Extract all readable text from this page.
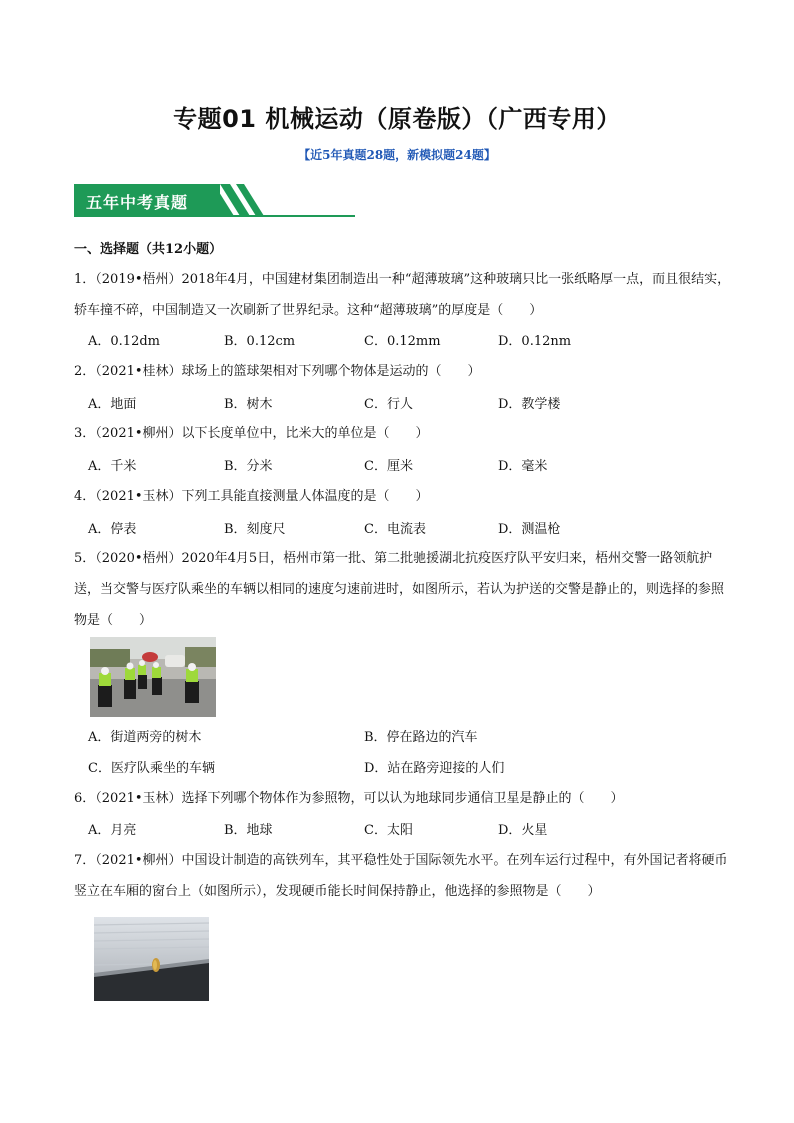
专题01 机械运动（原卷版）（广西专用）
【近5年真题28题，新模拟题24题】
五年中考真题
一、选择题（共12小题）
1．（2019•梧州）2018年4月，中国建材集团制造出一种“超薄玻璃”这种玻璃只比一张纸略厚一点，而且很结实，轿车撞不碎，中国制造又一次刷新了世界纪录。这种“超薄玻璃”的厚度是（　　）
A．0.12dm	B．0.12cm	C．0.12mm	D．0.12nm
2．（2021•桂林）球场上的篮球架相对下列哪个物体是运动的（　　）
A．地面	B．树木	C．行人	D．教学楼
3．（2021•柳州）以下长度单位中，比米大的单位是（　　）
A．千米	B．分米	C．厘米	D．毫米
4．（2021•玉林）下列工具能直接测量人体温度的是（　　）
A．停表	B．刻度尺	C．电流表	D．测温枪
5．（2020•梧州）2020年4月5日，梧州市第一批、第二批驰援湖北抗疫医疗队平安归来，梧州交警一路领航护送，当交警与医疗队乘坐的车辆以相同的速度匀速前进时，如图所示，若认为护送的交警是静止的，则选择的参照物是（　　）
A．街道两旁的树木	B．停在路边的汽车
C．医疗队乘坐的车辆	D．站在路旁迎接的人们
6．（2021•玉林）选择下列哪个物体作为参照物，可以认为地球同步通信卫星是静止的（　　）
A．月亮	B．地球	C．太阳	D．火星
7．（2021•柳州）中国设计制造的高铁列车，其平稳性处于国际领先水平。在列车运行过程中，有外国记者将硬币竖立在车厢的窗台上（如图所示），发现硬币能长时间保持静止，他选择的参照物是（　　）
